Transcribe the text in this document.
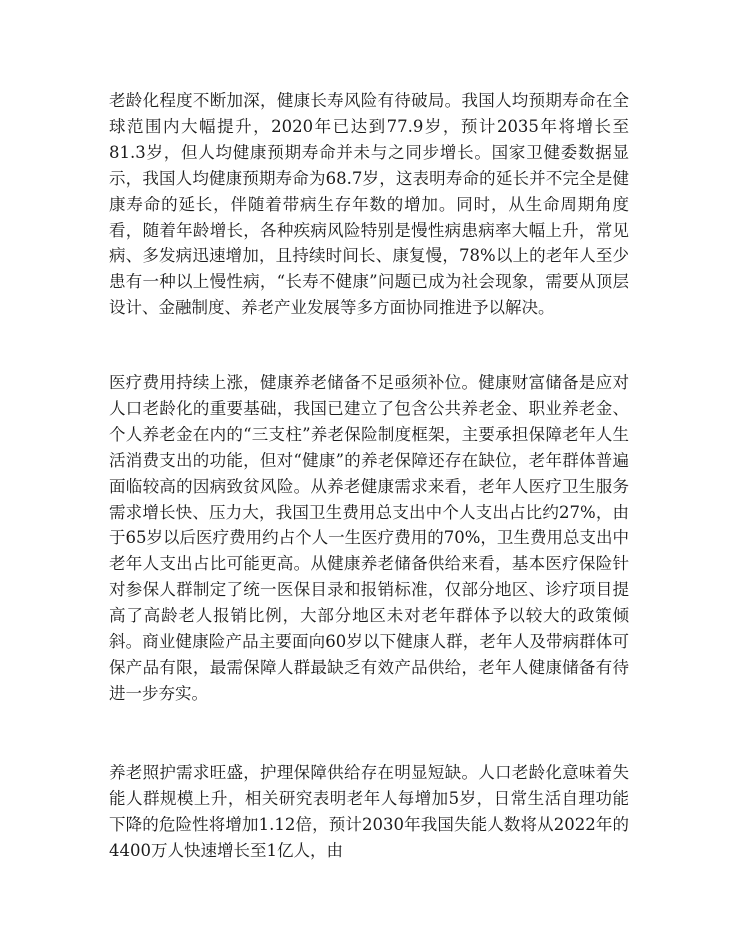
老龄化程度不断加深，健康长寿风险有待破局。我国人均预期寿命在全球范围内大幅提升，2020年已达到77.9岁，预计2035年将增长至81.3岁，但人均健康预期寿命并未与之同步增长。国家卫健委数据显示，我国人均健康预期寿命为68.7岁，这表明寿命的延长并不完全是健康寿命的延长，伴随着带病生存年数的增加。同时，从生命周期角度看，随着年龄增长，各种疾病风险特别是慢性病患病率大幅上升，常见病、多发病迅速增加，且持续时间长、康复慢，78%以上的老年人至少患有一种以上慢性病，“长寿不健康”问题已成为社会现象，需要从顶层设计、金融制度、养老产业发展等多方面协同推进予以解决。

医疗费用持续上涨，健康养老储备不足亟须补位。健康财富储备是应对人口老龄化的重要基础，我国已建立了包含公共养老金、职业养老金、个人养老金在内的“三支柱”养老保险制度框架，主要承担保障老年人生活消费支出的功能，但对“健康”的养老保障还存在缺位，老年群体普遍面临较高的因病致贫风险。从养老健康需求来看，老年人医疗卫生服务需求增长快、压力大，我国卫生费用总支出中个人支出占比约27%，由于65岁以后医疗费用约占个人一生医疗费用的70%，卫生费用总支出中老年人支出占比可能更高。从健康养老储备供给来看，基本医疗保险针对参保人群制定了统一医保目录和报销标准，仅部分地区、诊疗项目提高了高龄老人报销比例，大部分地区未对老年群体予以较大的政策倾斜。商业健康险产品主要面向60岁以下健康人群，老年人及带病群体可保产品有限，最需保障人群最缺乏有效产品供给，老年人健康储备有待进一步夯实。

养老照护需求旺盛，护理保障供给存在明显短缺。人口老龄化意味着失能人群规模上升，相关研究表明老年人每增加5岁，日常生活自理功能下降的危险性将增加1.12倍，预计2030年我国失能人数将从2022年的4400万人快速增长至1亿人，由
